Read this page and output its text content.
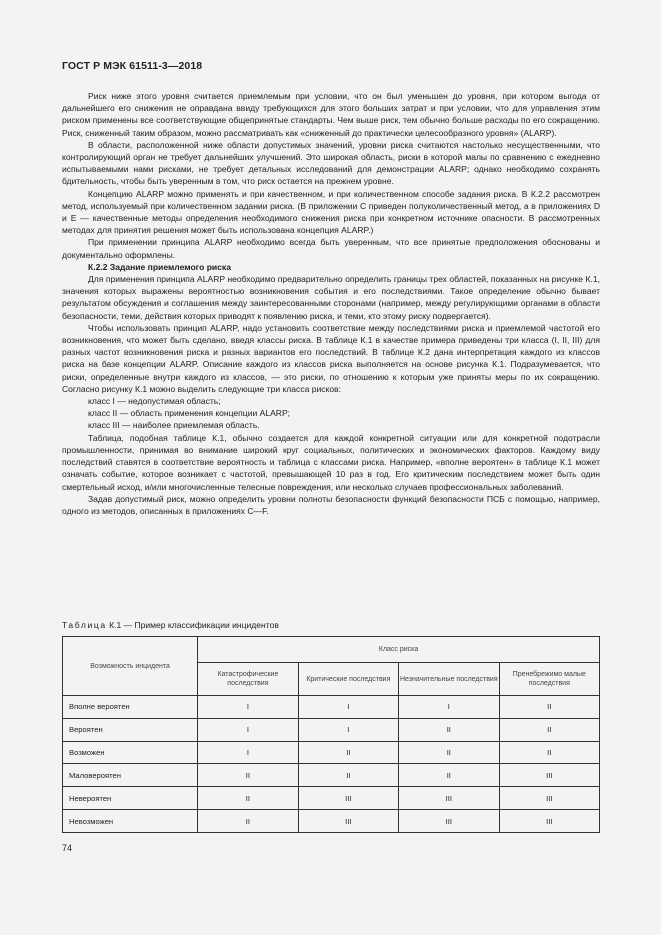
ГОСТ Р МЭК 61511-3—2018

Риск ниже этого уровня считается приемлемым при условии, что он был уменьшен до уровня, при котором выгода от дальнейшего его снижения не оправдана ввиду требующихся для этого больших затрат и при условии, что для управления этим риском применены все соответствующие общепринятые стандарты. Чем выше риск, тем обычно больше расходы по его сокращению. Риск, сниженный таким образом, можно рассматривать как «сниженный до практически целесообразного уровня» (ALARP).

В области, расположенной ниже области допустимых значений, уровни риска считаются настолько несущественными, что контролирующий орган не требует дальнейших улучшений. Это широкая область, риски в которой малы по сравнению с ежедневно испытываемыми нами рисками, не требует детальных исследований для демонстрации ALARP; однако необходимо сохранять бдительность, чтобы быть уверенным в том, что риск остается на прежнем уровне.

Концепцию ALARP можно применять и при качественном, и при количественном способе задания риска. В К.2.2 рассмотрен метод, используемый при количественном задании риска. (В приложении С приведен полуколичественный метод, а в приложениях D и Е — качественные методы определения необходимого снижения риска при конкретном источнике опасности. В рассмотренных методах для принятия решения может быть использована концепция ALARP.)

При применении принципа ALARP необходимо всегда быть уверенным, что все принятые предположения обоснованы и документально оформлены.

К.2.2 Задание приемлемого риска

Для применения принципа ALARP необходимо предварительно определить границы трех областей, показанных на рисунке К.1, значения которых выражены вероятностью возникновения события и его последствиями. Такое определение обычно бывает результатом обсуждения и соглашения между заинтересованными сторонами (например, между регулирующими органами в области безопасности, теми, действия которых приводят к появлению риска, и теми, кто этому риску подвергается).

Чтобы использовать принцип ALARP, надо установить соответствие между последствиями риска и приемлемой частотой его возникновения, что может быть сделано, введя классы риска. В таблице К.1 в качестве примера приведены три класса (I, II, III) для разных частот возникновения риска и разных вариантов его последствий. В таблице К.2 дана интерпретация каждого из классов риска на базе концепции ALARP. Описание каждого из классов риска выполняется на основе рисунка К.1. Подразумевается, что риски, определенные внутри каждого из классов, — это риски, по отношению к которым уже приняты меры по их сокращению. Согласно рисунку К.1 можно выделить следующие три класса рисков:

класс I — недопустимая область;

класс II — область применения концепции ALARP;

класс III — наиболее приемлемая область.

Таблица, подобная таблице К.1, обычно создается для каждой конкретной ситуации или для конкретной подотрасли промышленности, принимая во внимание широкий круг социальных, политических и экономических факторов. Каждому виду последствий ставятся в соответствие вероятность и таблица с классами риска. Например, «вполне вероятен» в таблице К.1 может означать событие, которое возникает с частотой, превышающей 10 раз в год. Его критическим последствием может быть один смертельный исход, и/или многочисленные телесные повреждения, или несколько случаев профессиональных заболеваний.

Задав допустимый риск, можно определить уровни полноты безопасности функций безопасности ПСБ с помощью, например, одного из методов, описанных в приложениях С—F.

Таблица К.1 — Пример классификации инцидентов
Возможность инцидента	Класс риска			
	Катастрофические последствия	Критические последствия	Незначительные последствия	Пренебрежимо малые последствия
Вполне вероятен	I	I	I	II
Вероятен	I	I	II	II
Возможен	I	II	II	II
Маловероятен	II	II	II	III
Невероятен	II	III	III	III
Невозможен	II	III	III	III
74
